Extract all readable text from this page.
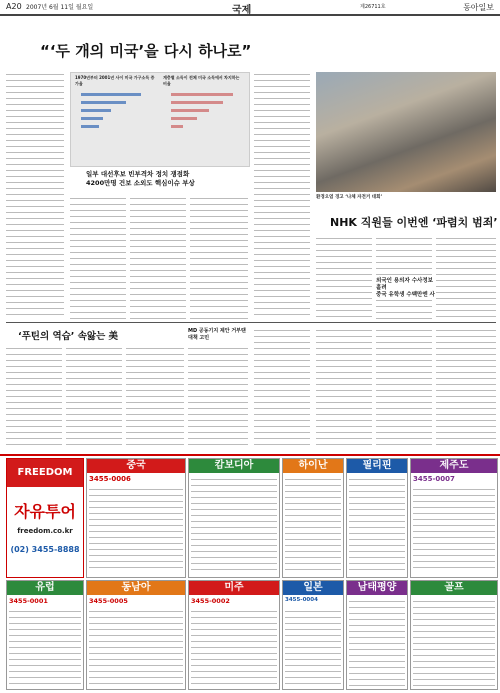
A20 2007년 6월 11일 월요일	국제	제26711호	동아일보
“‘두 개의 미국’을 다시 하나로”
1970년부터 2001년 사이 미국 가구소득 증가율
계층별 소득이 전체 미국 소득에서 차지하는 비율
일부 대선후보 빈부격차 정치 쟁점화
4200만명 건보 소외도 핵심이슈 부상
환경오염 경고 ‘나체 자전거 대회’
NHK 직원들 이번엔 ‘파렴치 범죄’
외국인 용의자 수사정보 흘려
중국 유학생 수백만엔 사
‘푸틴의 역습’ 속앓는 美	MD 공동기지 제안 거부땐 대책 고민
FREEDOM
자유투어
freedom.co.kr
(02) 3455-8888
중국
3455-0006
캄보디아	하이난	필리핀	제주도
3455-0007
유럽
3455-0001
동남아
3455-0005
미주
3455-0002
일본
3455-0004
남태평양	골프
